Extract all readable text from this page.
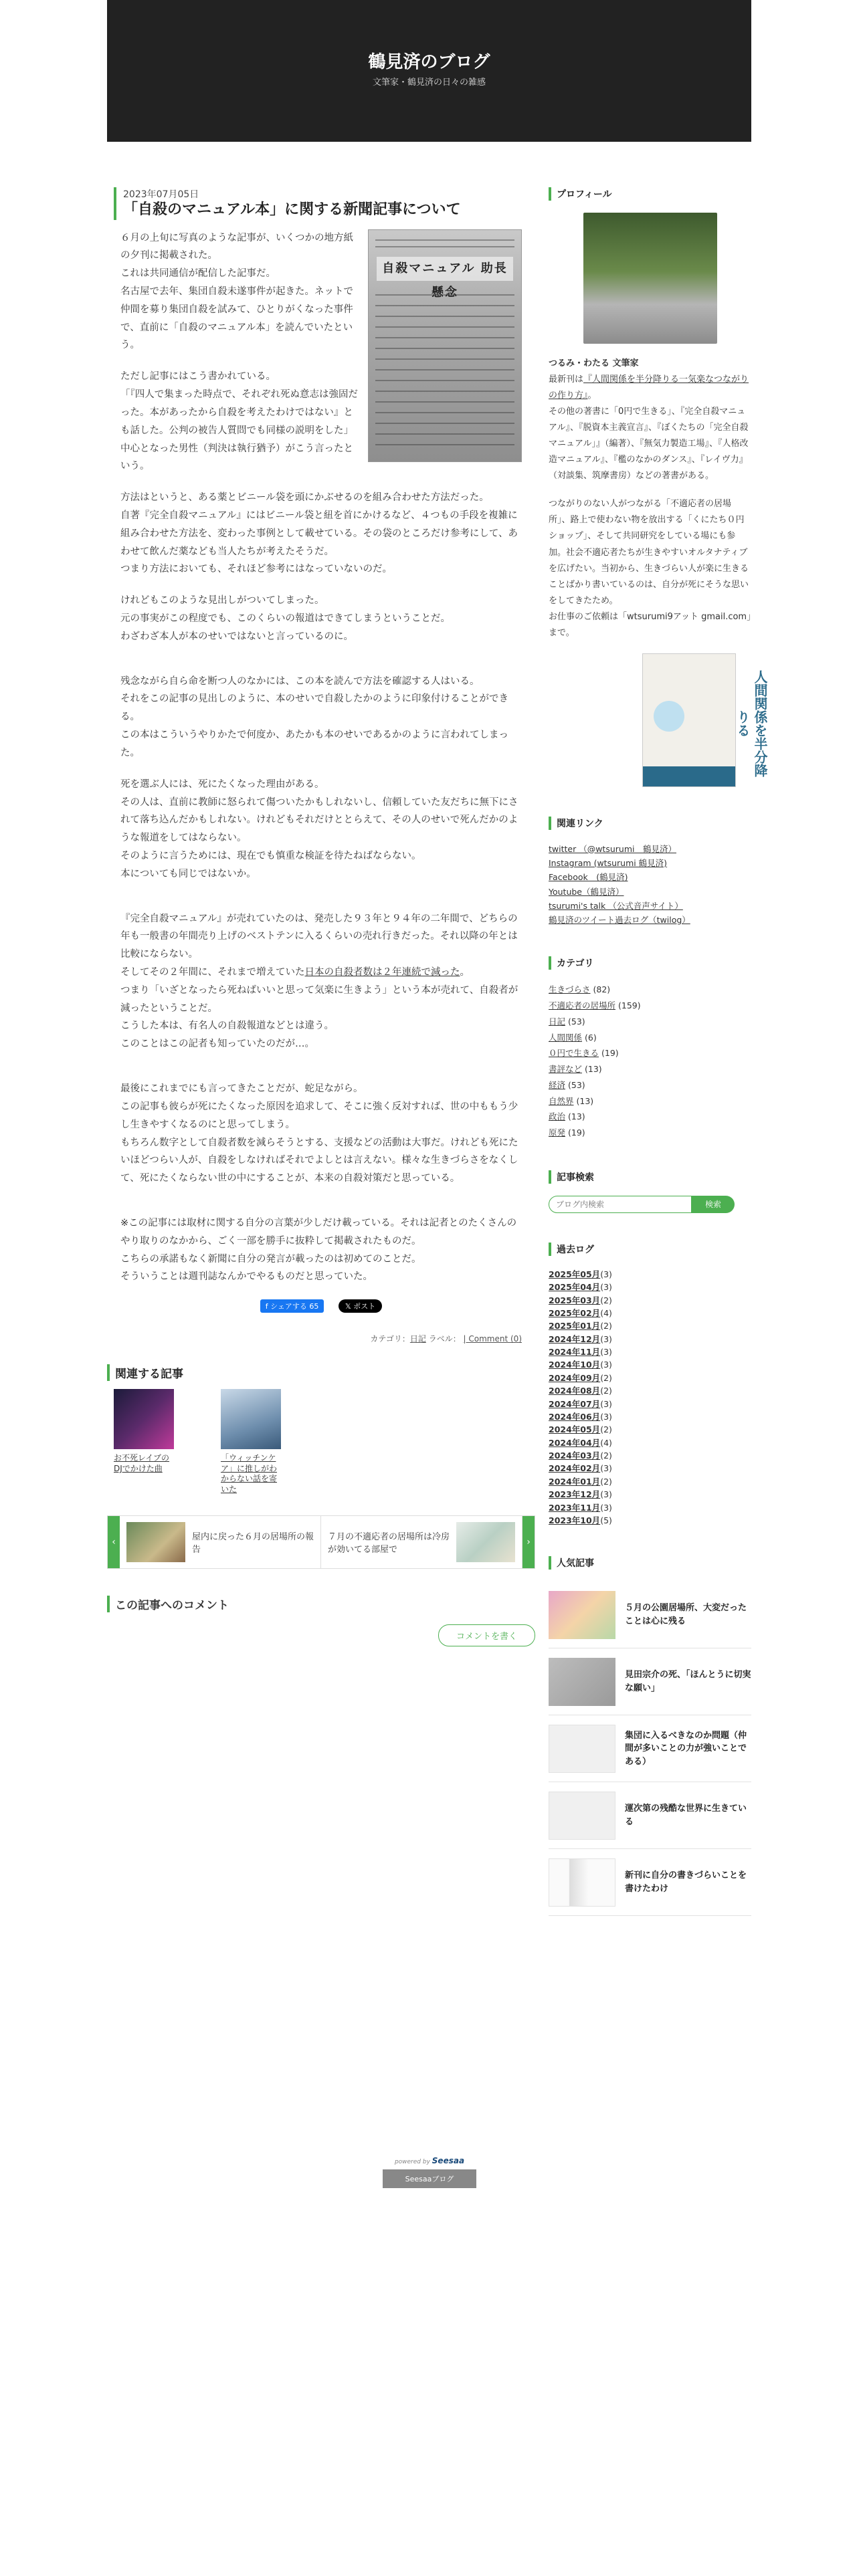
鶴見済のブログ
文筆家・鶴見済の日々の雑感
2023年07月05日
「自殺のマニュアル本」に関する新聞記事について
自殺マニュアル 助長懸念

６月の上旬に写真のような記事が、いくつかの地方紙の夕刊に掲載された。
これは共同通信が配信した記事だ。
名古屋で去年、集団自殺未遂事件が起きた。ネットで仲間を募り集団自殺を試みて、ひとりがくなった事件で、直前に「自殺のマニュアル本」を読んでいたという。

ただし記事にはこう書かれている。
「『四人で集まった時点で、それぞれ死ぬ意志は強固だった。本があったから自殺を考えたわけではない』とも話した。公判の被告人質問でも同様の説明をした」
中心となった男性（判決は執行猶予）がこう言ったという。

方法はというと、ある薬とビニール袋を頭にかぶせるのを組み合わせた方法だった。
自著『完全自殺マニュアル』にはビニール袋と紐を首にかけるなど、４つもの手段を複雑に組み合わせた方法を、変わった事例として載せている。その袋のところだけ参考にして、あわせて飲んだ薬なども当人たちが考えたそうだ。
つまり方法においても、それほど参考にはなっていないのだ。

けれどもこのような見出しがついてしまった。
元の事実がこの程度でも、このくらいの報道はできてしまうということだ。
わざわざ本人が本のせいではないと言っているのに。

残念ながら自ら命を断つ人のなかには、この本を読んで方法を確認する人はいる。
それをこの記事の見出しのように、本のせいで自殺したかのように印象付けることができる。
この本はこういうやりかたで何度か、あたかも本のせいであるかのように言われてしまった。

死を選ぶ人には、死にたくなった理由がある。
その人は、直前に教師に怒られて傷ついたかもしれないし、信頼していた友だちに無下にされて落ち込んだかもしれない。けれどもそれだけととらえて、その人のせいで死んだかのような報道をしてはならない。
そのように言うためには、現在でも慎重な検証を待たねばならない。
本についても同じではないか。

『完全自殺マニュアル』が売れていたのは、発売した９３年と９４年の二年間で、どちらの年も一般書の年間売り上げのベストテンに入るくらいの売れ行きだった。それ以降の年とは比較にならない。
そしてその２年間に、それまで増えていた日本の自殺者数は２年連続で減った。
つまり「いざとなったら死ねばいいと思って気楽に生きよう」という本が売れて、自殺者が減ったということだ。
こうした本は、有名人の自殺報道などとは違う。
このことはこの記者も知っていたのだが…。

最後にこれまでにも言ってきたことだが、蛇足ながら。
この記事も彼らが死にたくなった原因を追求して、そこに強く反対すれば、世の中ももう少し生きやすくなるのにと思ってしまう。
もちろん数字として自殺者数を減らそうとする、支援などの活動は大事だ。けれども死にたいほどつらい人が、自殺をしなければそれでよしとは言えない。様々な生きづらさをなくして、死にたくならない世の中にすることが、本来の自殺対策だと思っている。

※この記事には取材に関する自分の言葉が少しだけ載っている。それは記者とのたくさんのやり取りのなかから、ごく一部を勝手に抜粋して掲載されたものだ。
こちらの承諾もなく新聞に自分の発言が載ったのは初めてのことだ。
そういうことは週刊誌なんかでやるものだと思っていた。

f シェアする 65	𝕏 ポスト
カテゴリ：日記 ラベル： | Comment (0)
関連する記事
お不死レイブのDJでかけた曲
「ウィッチンケア」に推しがわからない話を寄いた
‹	屋内に戻った６月の居場所の報告
７月の不適応者の居場所は冷房が効いてる部屋で
›
この記事へのコメント
コメントを書く
プロフィール
つるみ・わたる 文筆家
最新刊は『人間関係を半分降りる一気楽なつながりの作り方』。
その他の著書に「0円で生きる」、『完全自殺マニュアル』、『脱資本主義宣言』、『ぼくたちの「完全自殺マニュアル」』（編著）、『無気力製造工場』、『人格改造マニュアル』、『檻のなかのダンス』、『レイヴ力』（対談集、筑摩書房）などの著書がある。
つながりのない人がつながる「不適応者の居場所」、路上で使わない物を放出する「くにたち０円ショップ」、そして共同研究をしている場にも参加。社会不適応者たちが生きやすいオルタナティブを広げたい。当初から、生きづらい人が楽に生きることばかり書いているのは、自分が死にそうな思いをしてきたため。
お仕事のご依頼は「wtsurumi9アット gmail.com」まで。
人間関係を半分降りる
関連リンク
twitter （@wtsurumi　鶴見済）
Instagram (wtsurumi 鶴見済)
Facebook　(鶴見済)
Youtube（鶴見済）
tsurumi's talk （公式音声サイト）
鶴見済のツイート過去ログ（twilog）
カテゴリ
生きづらさ (82)
不適応者の居場所 (159)
日記 (53)
人間関係 (6)
０円で生きる (19)
書評など (13)
経済 (53)
自然界 (13)
政治 (13)
原発 (19)
記事検索
ブログ内検索
検索
過去ログ
2025年05月(3)
2025年04月(3)
2025年03月(2)
2025年02月(4)
2025年01月(2)
2024年12月(3)
2024年11月(3)
2024年10月(3)
2024年09月(2)
2024年08月(2)
2024年07月(3)
2024年06月(3)
2024年05月(2)
2024年04月(4)
2024年03月(2)
2024年02月(3)
2024年01月(2)
2023年12月(3)
2023年11月(3)
2023年10月(5)
人気記事
５月の公園居場所、大変だったことは心に残る
見田宗介の死、「ほんとうに切実な願い」
集団に入るべきなのか問題（仲間が多いことの力が強いことである）
運次第の残酷な世界に生きている
新刊に自分の書きづらいことを書けたわけ
powered by Seesaa
Seesaaブログ
